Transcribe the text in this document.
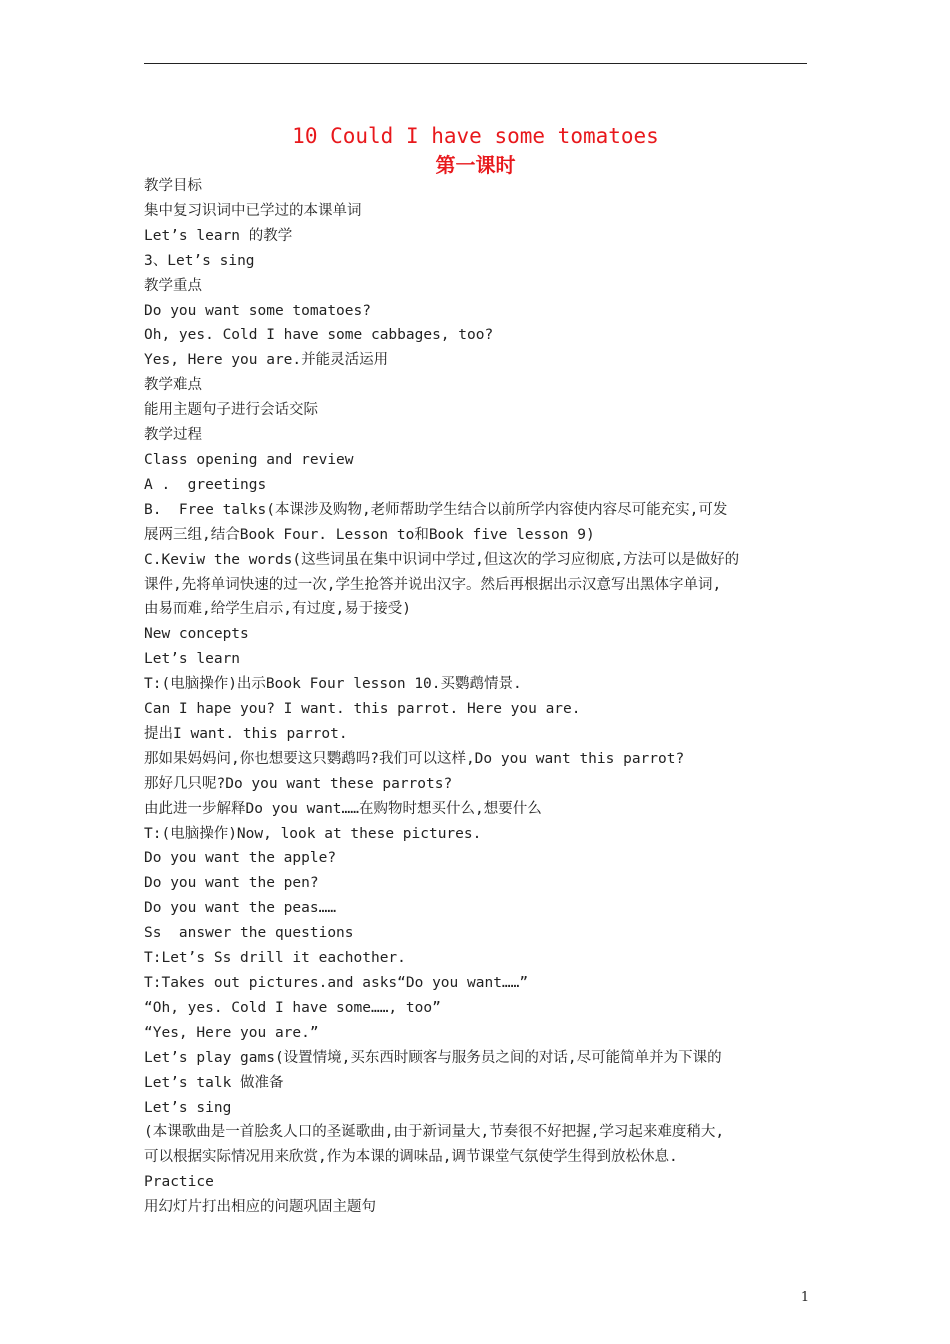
10 Could I have some tomatoes
第一课时
教学目标
集中复习识词中已学过的本课单词
Let’s learn 的教学
3、Let’s sing
教学重点
Do you want some tomatoes?
Oh, yes. Cold I have some cabbages, too?
Yes, Here you are.并能灵活运用
教学难点
能用主题句子进行会话交际
教学过程
Class opening and review
A .  greetings
B.  Free talks(本课涉及购物,老师帮助学生结合以前所学内容使内容尽可能充实,可发
展两三组,结合Book Four. Lesson to和Book five lesson 9)
C.Keviw the words(这些词虽在集中识词中学过,但这次的学习应彻底,方法可以是做好的
课件,先将单词快速的过一次,学生抢答并说出汉字。然后再根据出示汉意写出黑体字单词,
由易而难,给学生启示,有过度,易于接受)
New concepts
Let’s learn
T:(电脑操作)出示Book Four lesson 10.买鹦鹉情景.
Can I hape you? I want. this parrot. Here you are.
提出I want. this parrot.
那如果妈妈问,你也想要这只鹦鹉吗?我们可以这样,Do you want this parrot?
那好几只呢?Do you want these parrots?
由此进一步解释Do you want……在购物时想买什么,想要什么
T:(电脑操作)Now, look at these pictures.
Do you want the apple?
Do you want the pen?
Do you want the peas……
Ss  answer the questions
T:Let’s Ss drill it eachother.
T:Takes out pictures.and asks“Do you want……”
“Oh, yes. Cold I have some……, too”
“Yes, Here you are.”
Let’s play gams(设置情境,买东西时顾客与服务员之间的对话,尽可能简单并为下课的
Let’s talk 做准备
Let’s sing
(本课歌曲是一首脍炙人口的圣诞歌曲,由于新词量大,节奏很不好把握,学习起来难度稍大,
可以根据实际情况用来欣赏,作为本课的调味品,调节课堂气氛使学生得到放松休息.
Practice
用幻灯片打出相应的问题巩固主题句
1
